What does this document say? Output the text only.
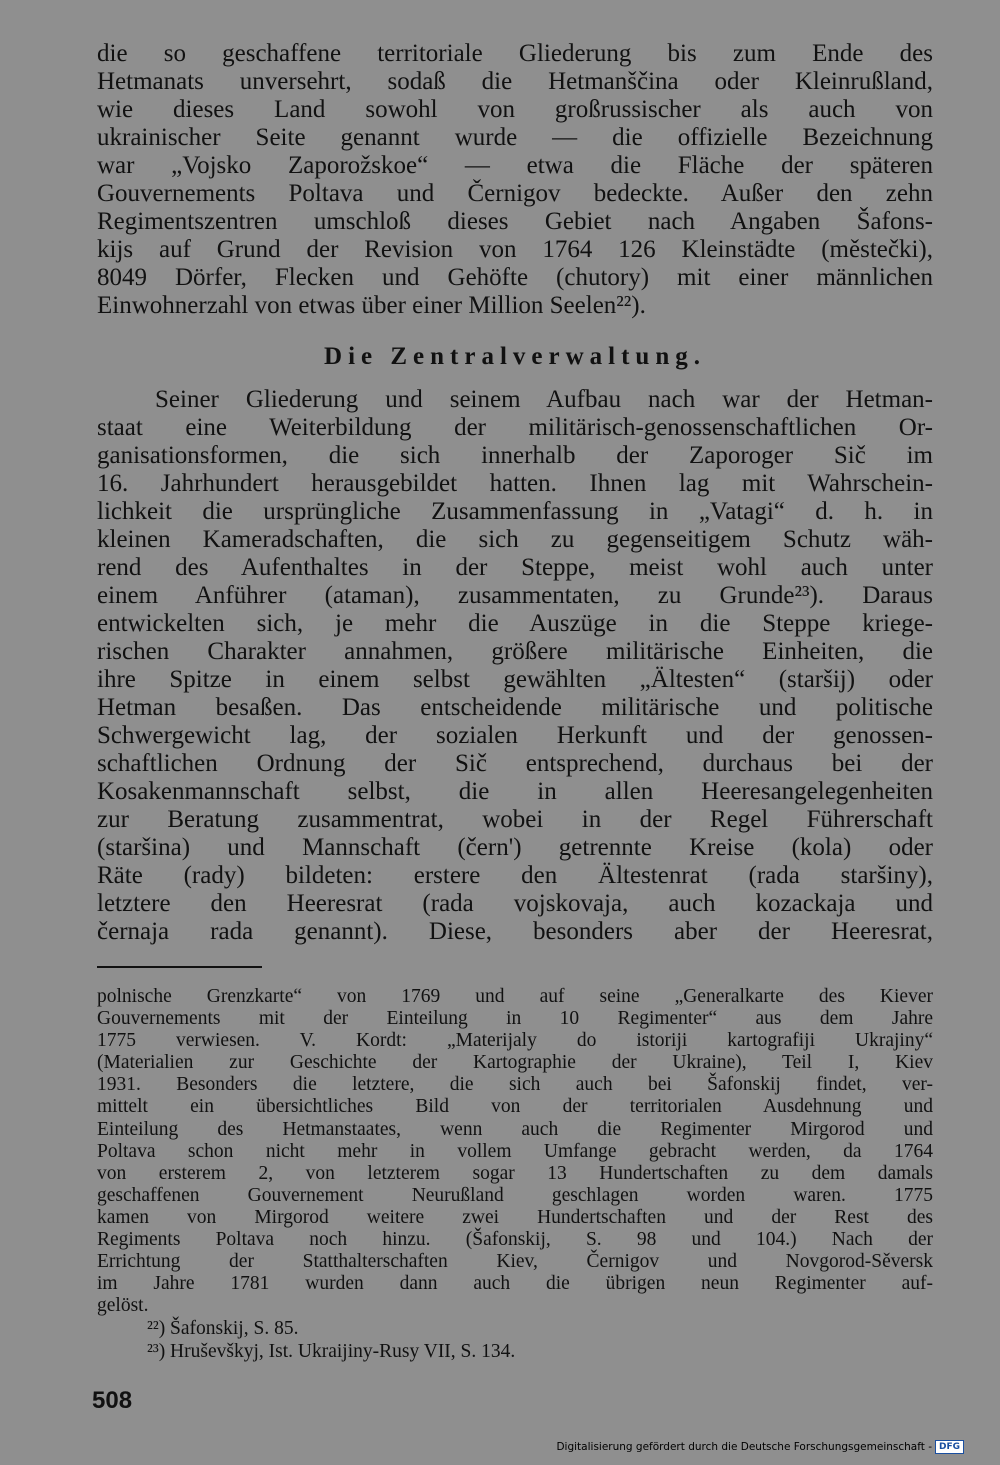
die so geschaffene territoriale Gliederung bis zum Ende des
Hetmanats unversehrt, sodaß die Hetmanščina oder Kleinrußland,
wie dieses Land sowohl von großrussischer als auch von
ukrainischer Seite genannt wurde — die offizielle Bezeichnung
war „Vojsko Zaporožskoe“ — etwa die Fläche der späteren
Gouvernements Poltava und Černigov bedeckte. Außer den zehn
Regimentszentren umschloß dieses Gebiet nach Angaben Šafons-
kijs auf Grund der Revision von 1764 126 Kleinstädte (městečki),
8049 Dörfer, Flecken und Gehöfte (chutory) mit einer männlichen
Einwohnerzahl von etwas über einer Million Seelen²²).
Die Zentralverwaltung.
Seiner Gliederung und seinem Aufbau nach war der Hetman-
staat eine Weiterbildung der militärisch-genossenschaftlichen Or-
ganisationsformen, die sich innerhalb der Zaporoger Sič im
16. Jahrhundert herausgebildet hatten. Ihnen lag mit Wahrschein-
lichkeit die ursprüngliche Zusammenfassung in „Vatagi“ d. h. in
kleinen Kameradschaften, die sich zu gegenseitigem Schutz wäh-
rend des Aufenthaltes in der Steppe, meist wohl auch unter
einem Anführer (ataman), zusammentaten, zu Grunde²³). Daraus
entwickelten sich, je mehr die Auszüge in die Steppe kriege-
rischen Charakter annahmen, größere militärische Einheiten, die
ihre Spitze in einem selbst gewählten „Ältesten“ (staršij) oder
Hetman besaßen. Das entscheidende militärische und politische
Schwergewicht lag, der sozialen Herkunft und der genossen-
schaftlichen Ordnung der Sič entsprechend, durchaus bei der
Kosakenmannschaft selbst, die in allen Heeresangelegenheiten
zur Beratung zusammentrat, wobei in der Regel Führerschaft
(staršina) und Mannschaft (čern') getrennte Kreise (kola) oder
Räte (rady) bildeten: erstere den Ältestenrat (rada staršiny),
letztere den Heeresrat (rada vojskovaja, auch kozackaja und
černaja rada genannt). Diese, besonders aber der Heeresrat,
polnische Grenzkarte“ von 1769 und auf seine „Generalkarte des Kiever
Gouvernements mit der Einteilung in 10 Regimenter“ aus dem Jahre
1775 verwiesen. V. Kordt: „Materijaly do istoriji kartografiji Ukrajiny“
(Materialien zur Geschichte der Kartographie der Ukraine), Teil I, Kiev
1931. Besonders die letztere, die sich auch bei Šafonskij findet, ver-
mittelt ein übersichtliches Bild von der territorialen Ausdehnung und
Einteilung des Hetmanstaates, wenn auch die Regimenter Mirgorod und
Poltava schon nicht mehr in vollem Umfange gebracht werden, da 1764
von ersterem 2, von letzterem sogar 13 Hundertschaften zu dem damals
geschaffenen Gouvernement Neurußland geschlagen worden waren. 1775
kamen von Mirgorod weitere zwei Hundertschaften und der Rest des
Regiments Poltava noch hinzu. (Šafonskij, S. 98 und 104.) Nach der
Errichtung der Statthalterschaften Kiev, Černigov und Novgorod-Sěversk
im Jahre 1781 wurden dann auch die übrigen neun Regimenter auf-
gelöst.
²²) Šafonskij, S. 85.
²³) Hruševškyj, Ist. Ukraijiny-Rusy VII, S. 134.
508
Digitalisierung gefördert durch die Deutsche Forschungsgemeinschaft - DFG
